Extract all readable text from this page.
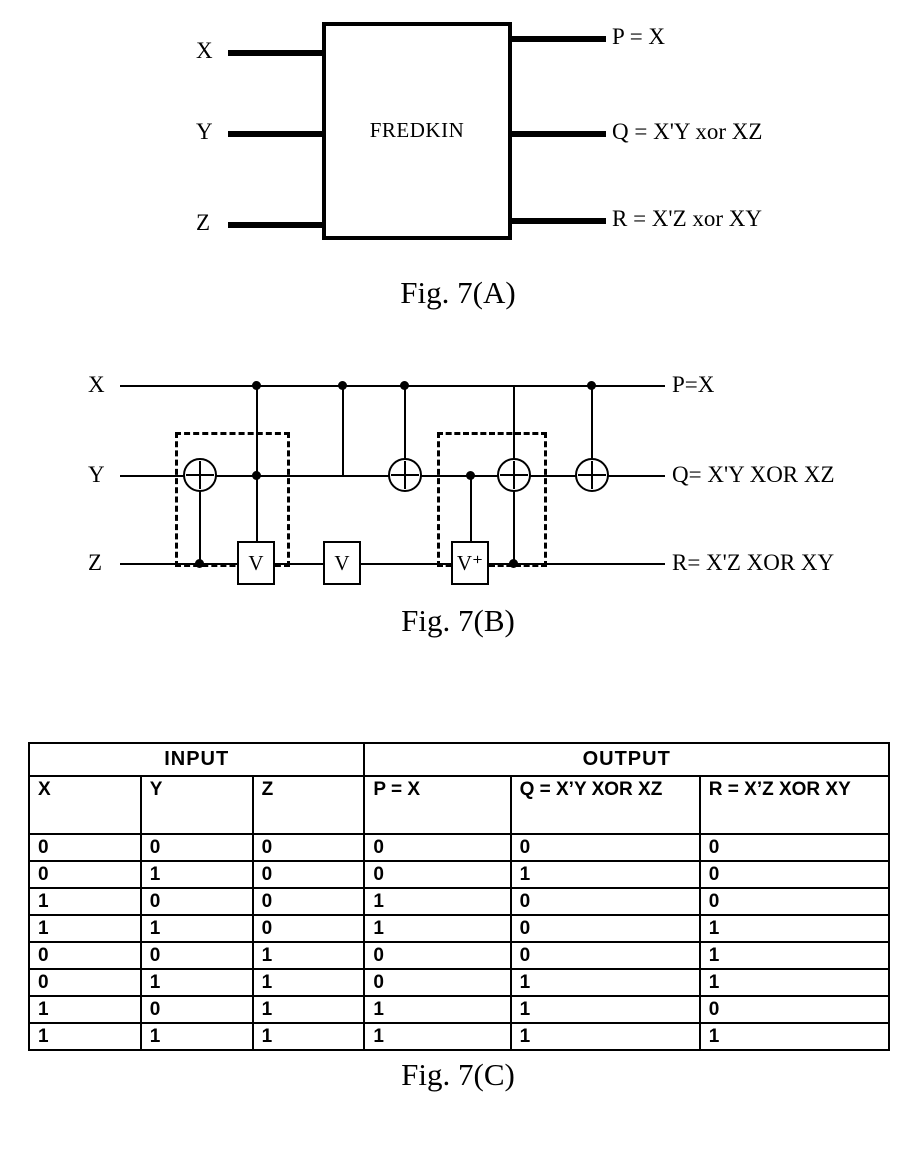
FREDKIN
X
Y
Z
P = X
Q = X'Y xor XZ
R = X'Z xor XY
Fig. 7(A)
V	V	V⁺
X
Y
Z
P=X
Q= X'Y XOR XZ
R= X'Z XOR XY
Fig. 7(B)
INPUT			OUTPUT		
X	Y	Z	P = X	Q = X’Y XOR XZ	R = X’Z XOR XY
0	0	0	0	0	0
0	1	0	0	1	0
1	0	0	1	0	0
1	1	0	1	0	1
0	0	1	0	0	1
0	1	1	0	1	1
1	0	1	1	1	0
1	1	1	1	1	1
Fig. 7(C)
